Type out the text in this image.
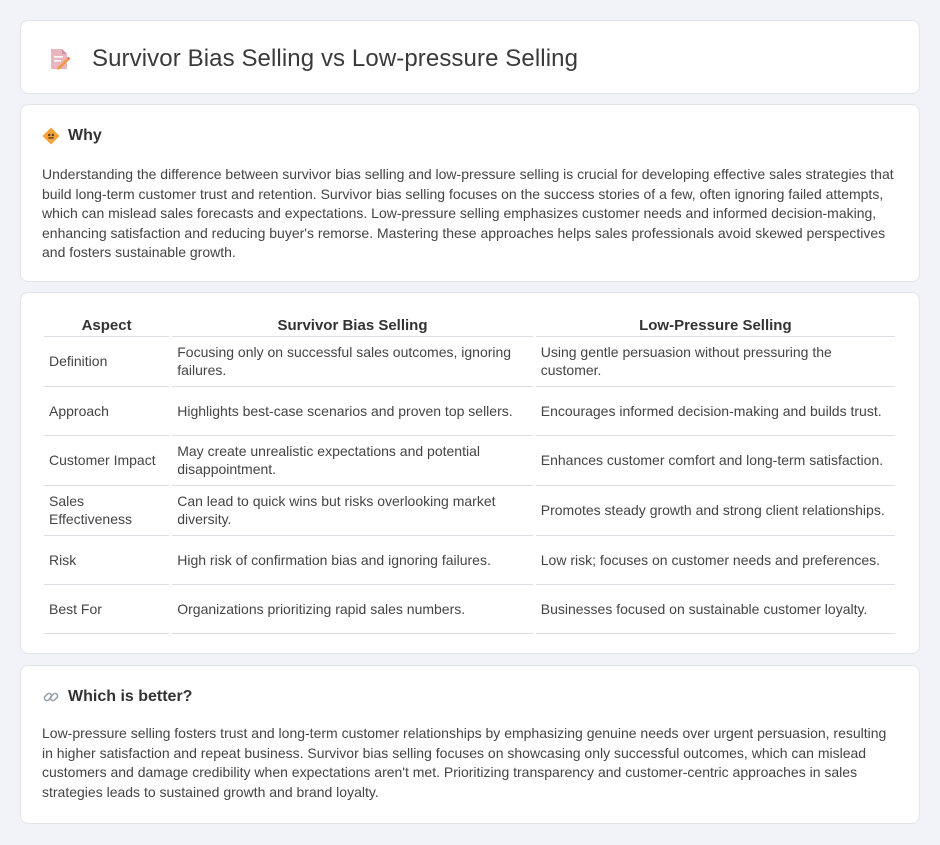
Survivor Bias Selling vs Low-pressure Selling
Why

Understanding the difference between survivor bias selling and low-pressure selling is crucial for developing effective sales strategies that build long-term customer trust and retention. Survivor bias selling focuses on the success stories of a few, often ignoring failed attempts, which can mislead sales forecasts and expectations. Low-pressure selling emphasizes customer needs and informed decision-making, enhancing satisfaction and reducing buyer's remorse. Mastering these approaches helps sales professionals avoid skewed perspectives and fosters sustainable growth.

Aspect	Survivor Bias Selling	Low-Pressure Selling
Definition	Focusing only on successful sales outcomes, ignoring failures.	Using gentle persuasion without pressuring the customer.
Approach	Highlights best-case scenarios and proven top sellers.	Encourages informed decision-making and builds trust.
Customer Impact	May create unrealistic expectations and potential disappointment.	Enhances customer comfort and long-term satisfaction.
Sales Effectiveness	Can lead to quick wins but risks overlooking market diversity.	Promotes steady growth and strong client relationships.
Risk	High risk of confirmation bias and ignoring failures.	Low risk; focuses on customer needs and preferences.
Best For	Organizations prioritizing rapid sales numbers.	Businesses focused on sustainable customer loyalty.
Which is better?

Low-pressure selling fosters trust and long-term customer relationships by emphasizing genuine needs over urgent persuasion, resulting in higher satisfaction and repeat business. Survivor bias selling focuses on showcasing only successful outcomes, which can mislead customers and damage credibility when expectations aren't met. Prioritizing transparency and customer-centric approaches in sales strategies leads to sustained growth and brand loyalty.
